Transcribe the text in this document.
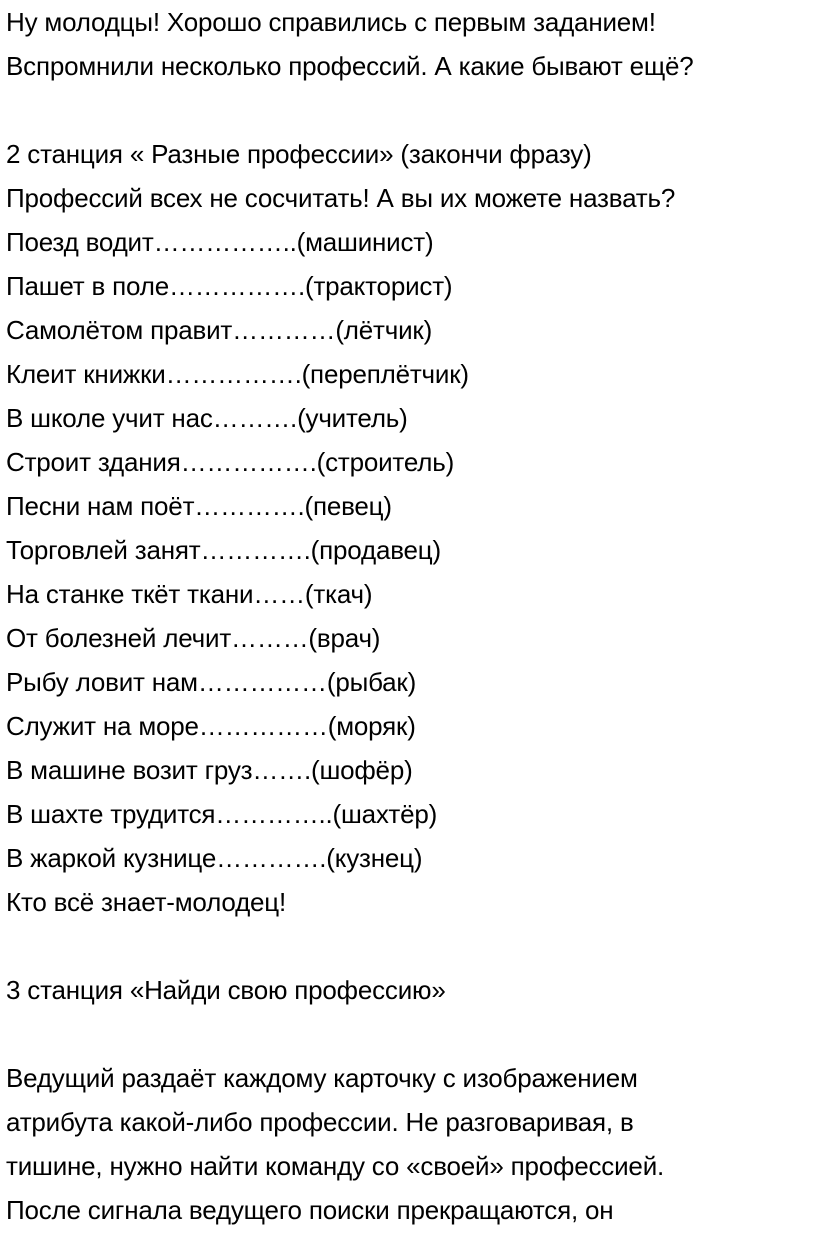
Ну молодцы! Хорошо справились с первым заданием!
Вспромнили несколько профессий. А какие бывают ещё?
2 станция « Разные профессии» (закончи фразу)
Профессий всех не сосчитать! А вы их можете назвать?
Поезд водит……………..(машинист)
Пашет в поле…………….(тракторист)
Самолётом правит…………(лётчик)
Клеит книжки…………….(переплётчик)
В школе учит нас……….(учитель)
Строит здания…………….(строитель)
Песни нам поёт………….(певец)
Торговлей занят………….(продавец)
На станке ткёт ткани……(ткач)
От болезней лечит………(врач)
Рыбу ловит нам……………(рыбак)
Служит на море……………(моряк)
В машине возит груз…….(шофёр)
В шахте трудится…………..(шахтёр)
В жаркой кузнице………….(кузнец)
Кто всё знает-молодец!
3 станция «Найди свою профессию»
Ведущий раздаёт каждому карточку с изображением
атрибута какой-либо профессии. Не разговаривая, в
тишине, нужно найти команду со «своей» профессией.
После сигнала ведущего поиски прекращаются, он
